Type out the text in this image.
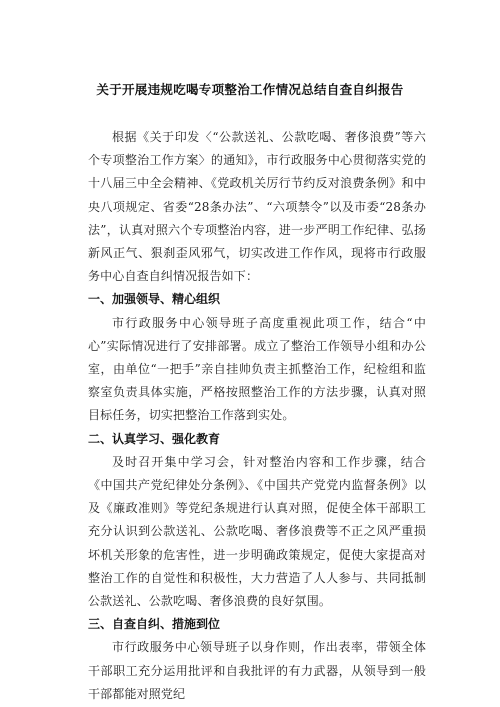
关于开展违规吃喝专项整治工作情况总结自查自纠报告

根据《关于印发〈“公款送礼、公款吃喝、奢侈浪费”等六个专项整治工作方案〉的通知》，市行政服务中心贯彻落实党的十八届三中全会精神、《党政机关厉行节约反对浪费条例》和中央八项规定、省委“28条办法”、“六项禁令”以及市委“28条办法”，认真对照六个专项整治内容，进一步严明工作纪律、弘扬新风正气、狠刹歪风邪气，切实改进工作作风，现将市行政服务中心自查自纠情况报告如下：

一、加强领导、精心组织

市行政服务中心领导班子高度重视此项工作，结合“中心”实际情况进行了安排部署。成立了整治工作领导小组和办公室，由单位“一把手”亲自挂帅负责主抓整治工作，纪检组和监察室负责具体实施，严格按照整治工作的方法步骤，认真对照目标任务，切实把整治工作落到实处。

二、认真学习、强化教育

及时召开集中学习会，针对整治内容和工作步骤，结合《中国共产党纪律处分条例》、《中国共产党党内监督条例》以及《廉政准则》等党纪条规进行认真对照，促使全体干部职工充分认识到公款送礼、公款吃喝、奢侈浪费等不正之风严重损坏机关形象的危害性，进一步明确政策规定，促使大家提高对整治工作的自觉性和积极性，大力营造了人人参与、共同抵制公款送礼、公款吃喝、奢侈浪费的良好氛围。

三、自查自纠、措施到位

市行政服务中心领导班子以身作则，作出表率，带领全体干部职工充分运用批评和自我批评的有力武器，从领导到一般干部都能对照党纪
